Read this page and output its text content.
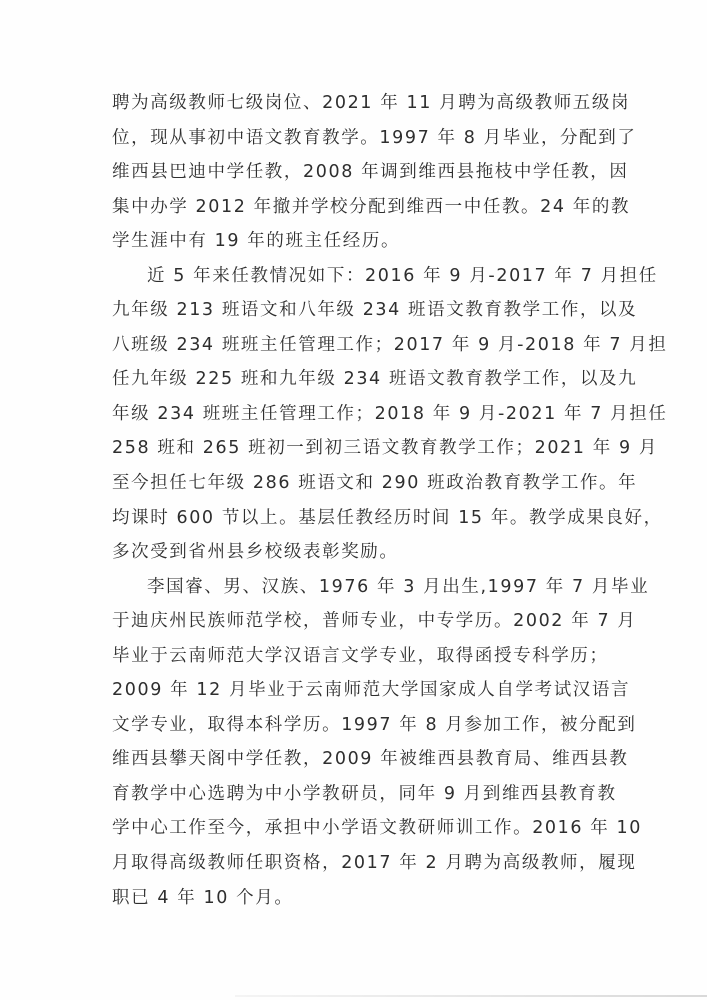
聘为高级教师七级岗位、2021 年 11 月聘为高级教师五级岗
位，现从事初中语文教育教学。1997 年 8 月毕业，分配到了
维西县巴迪中学任教，2008 年调到维西县拖枝中学任教，因
集中办学 2012 年撤并学校分配到维西一中任教。24 年的教
学生涯中有 19 年的班主任经历。
近 5 年来任教情况如下：2016 年 9 月-2017 年 7 月担任
九年级 213 班语文和八年级 234 班语文教育教学工作，以及
八班级 234 班班主任管理工作；2017 年 9 月-2018 年 7 月担
任九年级 225 班和九年级 234 班语文教育教学工作，以及九
年级 234 班班主任管理工作；2018 年 9 月-2021 年 7 月担任
258 班和 265 班初一到初三语文教育教学工作；2021 年 9 月
至今担任七年级 286 班语文和 290 班政治教育教学工作。年
均课时 600 节以上。基层任教经历时间 15 年。教学成果良好，
多次受到省州县乡校级表彰奖励。
李国睿、男、汉族、1976 年 3 月出生,1997 年 7 月毕业
于迪庆州民族师范学校，普师专业，中专学历。2002 年 7 月
毕业于云南师范大学汉语言文学专业，取得函授专科学历；
2009 年 12 月毕业于云南师范大学国家成人自学考试汉语言
文学专业，取得本科学历。1997 年 8 月参加工作，被分配到
维西县攀天阁中学任教，2009 年被维西县教育局、维西县教
育教学中心选聘为中小学教研员，同年 9 月到维西县教育教
学中心工作至今，承担中小学语文教研师训工作。2016 年 10
月取得高级教师任职资格，2017 年 2 月聘为高级教师，履现
职已 4 年 10 个月。
